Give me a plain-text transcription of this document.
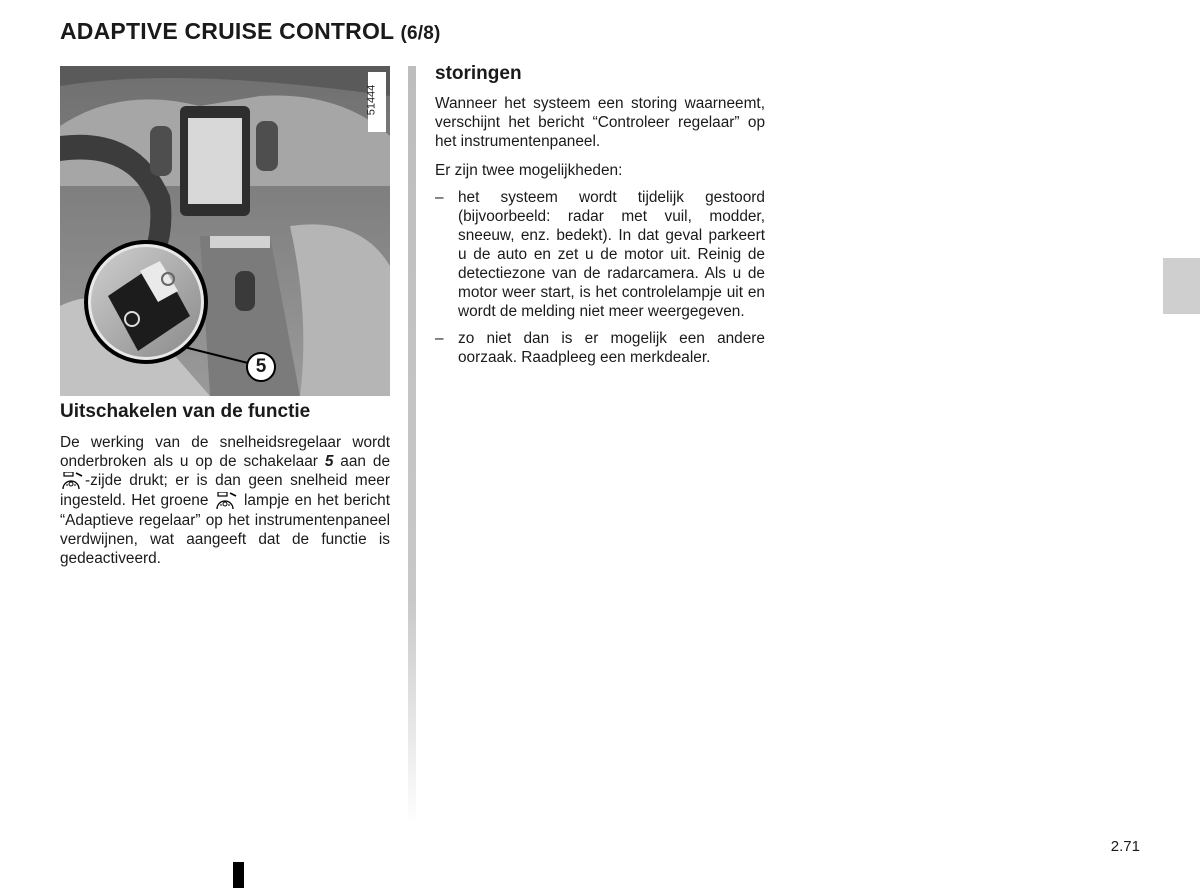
ADAPTIVE CRUISE CONTROL (6/8)
51444
5
Uitschakelen van de functie

De werking van de snelheidsregelaar wordt onderbroken als u op de schakelaar 5 aan de -zijde drukt; er is dan geen snelheid meer ingesteld. Het groene  lampje en het bericht “Adaptieve regelaar” op het instrumentenpaneel verdwijnen, wat aangeeft dat de functie is gedeactiveerd.

storingen

Wanneer het systeem een storing waarneemt, verschijnt het bericht “Controleer regelaar” op het instrumentenpaneel.

Er zijn twee mogelijkheden:

– het systeem wordt tijdelijk gestoord (bijvoorbeeld: radar met vuil, modder, sneeuw, enz. bedekt). In dat geval parkeert u de auto en zet u de motor uit. Reinig de detectiezone van de radarcamera. Als u de motor weer start, is het controlelampje uit en wordt de melding niet meer weergegeven.
– zo niet dan is er mogelijk een andere oorzaak. Raadpleeg een merkdealer.
2.71
